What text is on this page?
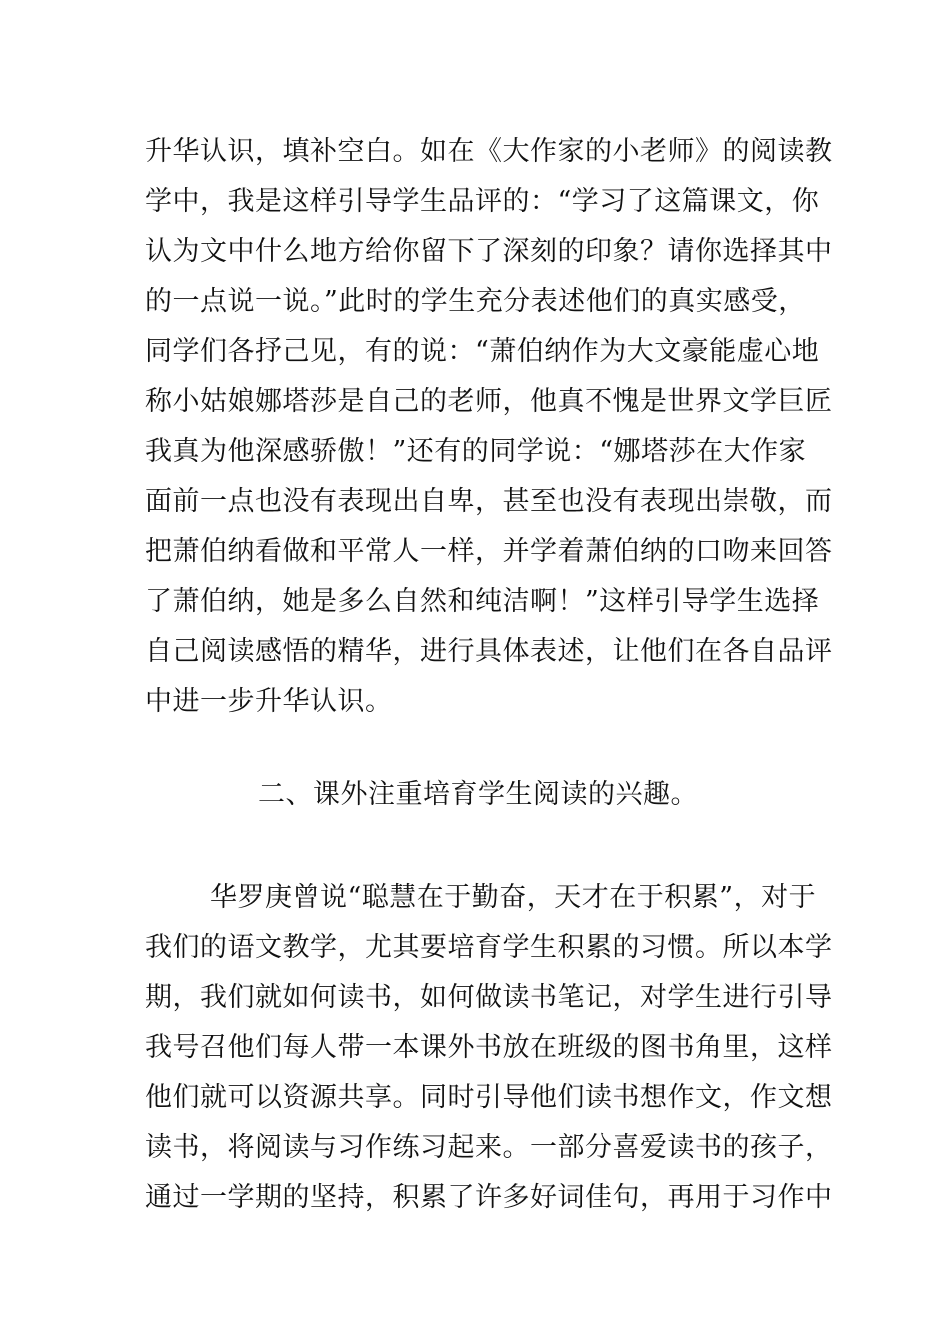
升华认识，填补空白。如在《大作家的小老师》的阅读教
学中，我是这样引导学生品评的：“学习了这篇课文，你
认为文中什么地方给你留下了深刻的印象？请你选择其中
的一点说一说。”此时的学生充分表述他们的真实感受，
同学们各抒己见，有的说：“萧伯纳作为大文豪能虚心地
称小姑娘娜塔莎是自己的老师，他真不愧是世界文学巨匠
我真为他深感骄傲！”还有的同学说：“娜塔莎在大作家
面前一点也没有表现出自卑，甚至也没有表现出崇敬，而
把萧伯纳看做和平常人一样，并学着萧伯纳的口吻来回答
了萧伯纳，她是多么自然和纯洁啊！”这样引导学生选择
自己阅读感悟的精华，进行具体表述，让他们在各自品评
中进一步升华认识。
二、课外注重培育学生阅读的兴趣。
华罗庚曾说“聪慧在于勤奋，天才在于积累”，对于
我们的语文教学，尤其要培育学生积累的习惯。所以本学
期，我们就如何读书，如何做读书笔记，对学生进行引导
我号召他们每人带一本课外书放在班级的图书角里，这样
他们就可以资源共享。同时引导他们读书想作文，作文想
读书，将阅读与习作练习起来。一部分喜爱读书的孩子，
通过一学期的坚持，积累了许多好词佳句，再用于习作中
